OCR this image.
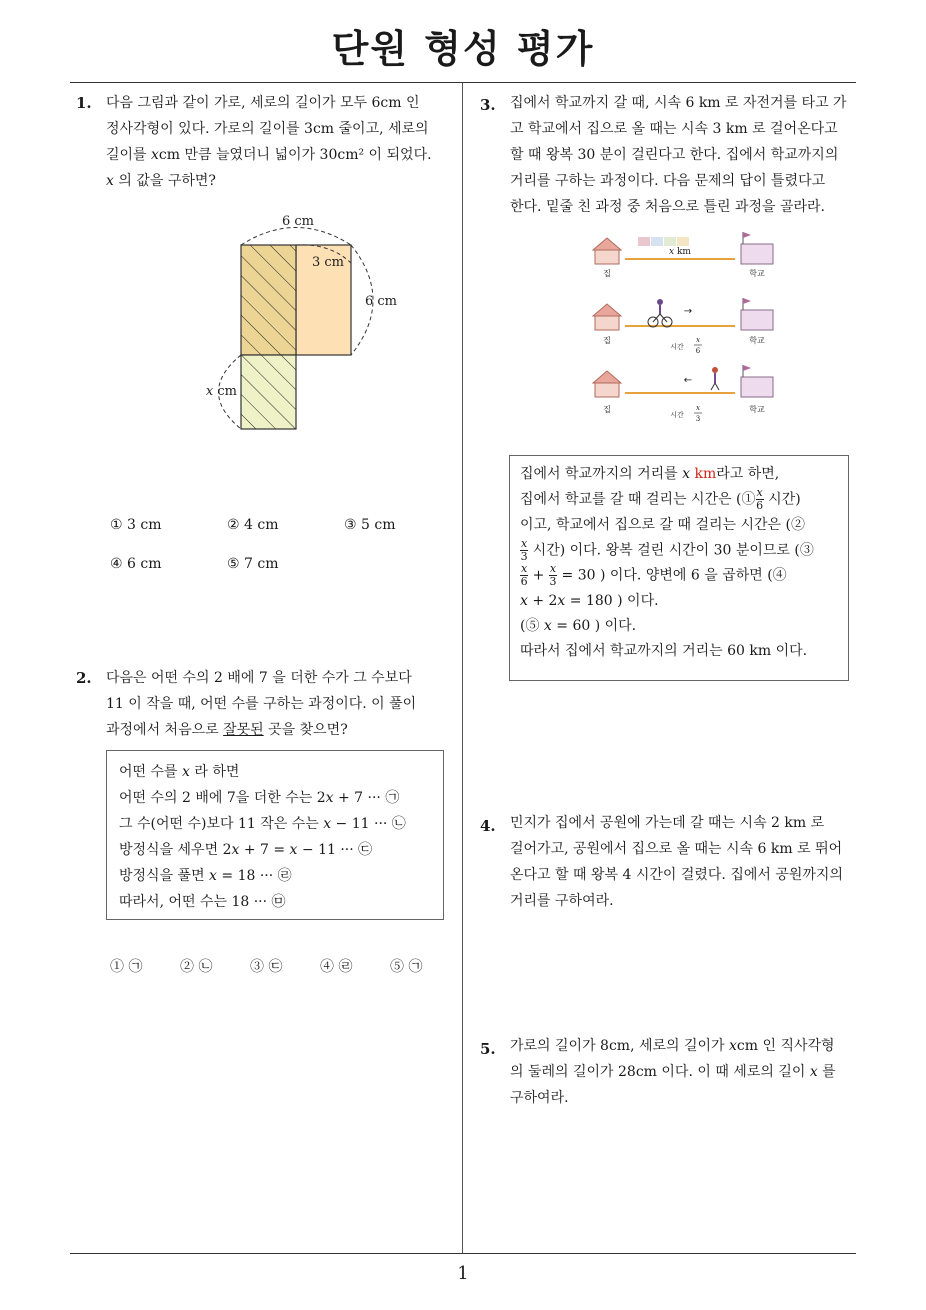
단원 형성 평가
1
1. 다음 그림과 같이 가로, 세로의 길이가 모두 6cm 인
정사각형이 있다. 가로의 길이를 3cm 줄이고, 세로의
길이를 𝑥cm 만큼 늘였더니 넓이가 30cm² 이 되었다.
𝑥 의 값을 구하면?
6 cm
3 cm
6 cm
𝑥 cm
① 3 cm	② 4 cm	③ 5 cm
④ 6 cm	⑤ 7 cm
2. 다음은 어떤 수의 2 배에 7 을 더한 수가 그 수보다
11 이 작을 때, 어떤 수를 구하는 과정이다. 이 풀이
과정에서 처음으로 잘못된 곳을 찾으면?
어떤 수를 𝑥 라 하면
어떤 수의 2 배에 7을 더한 수는 2𝑥 + 7 ··· ㉠
그 수(어떤 수)보다 11 작은 수는 𝑥 − 11 ··· ㉡
방정식을 세우면 2𝑥 + 7 = 𝑥 − 11 ··· ㉢
방정식을 풀면 𝑥 = 18 ··· ㉣
따라서, 어떤 수는 18 ··· ㉤
① ㉠	② ㉡	③ ㉢	④ ㉣	⑤ ㉠
3. 집에서 학교까지 갈 때, 시속 6 km 로 자전거를 타고 가
고 학교에서 집으로 올 때는 시속 3 km 로 걸어온다고
할 때 왕복 30 분이 걸린다고 한다. 집에서 학교까지의
거리를 구하는 과정이다. 다음 문제의 답이 틀렸다고
한다. 밑줄 친 과정 중 처음으로 틀린 과정을 골라라.
𝑥 km
집	학교
→
집	학교
시간
𝑥
6
←
집	학교
시간
𝑥
3
집에서 학교까지의 거리를 𝑥 km라고 하면,
집에서 학교를 갈 때 걸리는 시간은 (① $\frac{\text{𝑥}}{6}$ 시간)
이고, 학교에서 집으로 갈 때 걸리는 시간은 (②
$\frac{\text{𝑥}}{3}$ 시간) 이다. 왕복 걸린 시간이 30 분이므로 (③
$\frac{\text{𝑥}}{6} + \frac{\text{𝑥}}{3} = 30$ ) 이다. 양변에 6 을 곱하면 (④
𝑥 + 2𝑥 = 180 ) 이다.
(⑤ 𝑥 = 60 ) 이다.
따라서 집에서 학교까지의 거리는 60 km 이다.
4. 민지가 집에서 공원에 가는데 갈 때는 시속 2 km 로
걸어가고, 공원에서 집으로 올 때는 시속 6 km 로 뛰어
온다고 할 때 왕복 4 시간이 걸렸다. 집에서 공원까지의
거리를 구하여라.
5. 가로의 길이가 8cm, 세로의 길이가 𝑥cm 인 직사각형
의 둘레의 길이가 28cm 이다. 이 때 세로의 길이 𝑥 를
구하여라.
